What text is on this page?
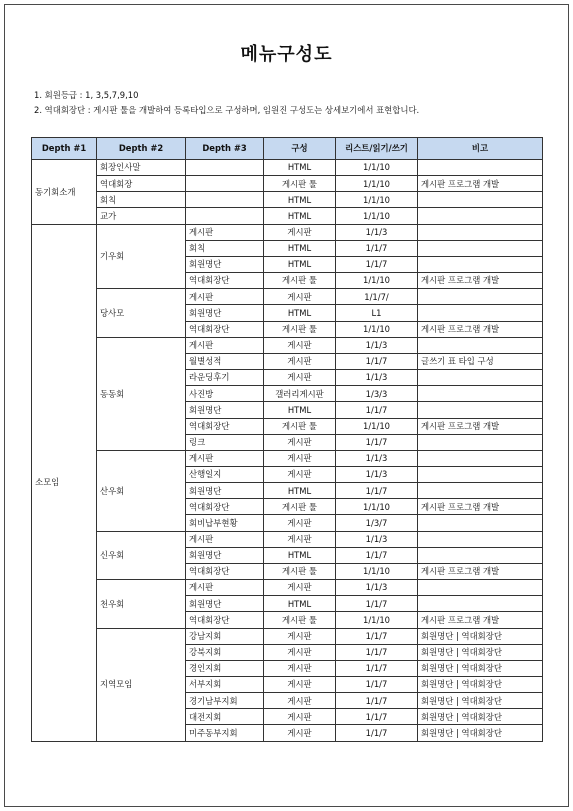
메뉴구성도
1. 회원등급 : 1, 3,5,7,9,10
2. 역대회장단 : 게시판 툴을 개발하여 등록타입으로 구성하며, 임원진 구성도는 상세보기에서 표현합니다.
Depth #1	Depth #2	Depth #3	구성	리스트/읽기/쓰기	비고
동기회소개	회장인사말		HTML	1/1/10	
	역대회장		게시판 툴	1/1/10	게시판 프로그램 개발
	회칙		HTML	1/1/10	
	교가		HTML	1/1/10	
소모임	기우회	게시판	게시판	1/1/3	
		회칙	HTML	1/1/7	
		회원명단	HTML	1/1/7	
		역대회장단	게시판 툴	1/1/10	게시판 프로그램 개발
	당사모	게시판	게시판	1/1/7/	
		회원명단	HTML	L1	
		역대회장단	게시판 툴	1/1/10	게시판 프로그램 개발
	동동회	게시판	게시판	1/1/3	
		월별성적	게시판	1/1/7	글쓰기 표 타입 구성
		라운딩후기	게시판	1/1/3	
		사진방	갤러리게시판	1/3/3	
		회원명단	HTML	1/1/7	
		역대회장단	게시판 툴	1/1/10	게시판 프로그램 개발
		링크	게시판	1/1/7	
	산우회	게시판	게시판	1/1/3	
		산행일지	게시판	1/1/3	
		회원명단	HTML	1/1/7	
		역대회장단	게시판 툴	1/1/10	게시판 프로그램 개발
		회비납부현황	게시판	1/3/7	
	신우회	게시판	게시판	1/1/3	
		회원명단	HTML	1/1/7	
		역대회장단	게시판 툴	1/1/10	게시판 프로그램 개발
	천우회	게시판	게시판	1/1/3	
		회원명단	HTML	1/1/7	
		역대회장단	게시판 툴	1/1/10	게시판 프로그램 개발
	지역모임	강남지회	게시판	1/1/7	회원명단 | 역대회장단
		강북지회	게시판	1/1/7	회원명단 | 역대회장단
		경인지회	게시판	1/1/7	회원명단 | 역대회장단
		서부지회	게시판	1/1/7	회원명단 | 역대회장단
		경기남부지회	게시판	1/1/7	회원명단 | 역대회장단
		대전지회	게시판	1/1/7	회원명단 | 역대회장단
		미주동부지회	게시판	1/1/7	회원명단 | 역대회장단
